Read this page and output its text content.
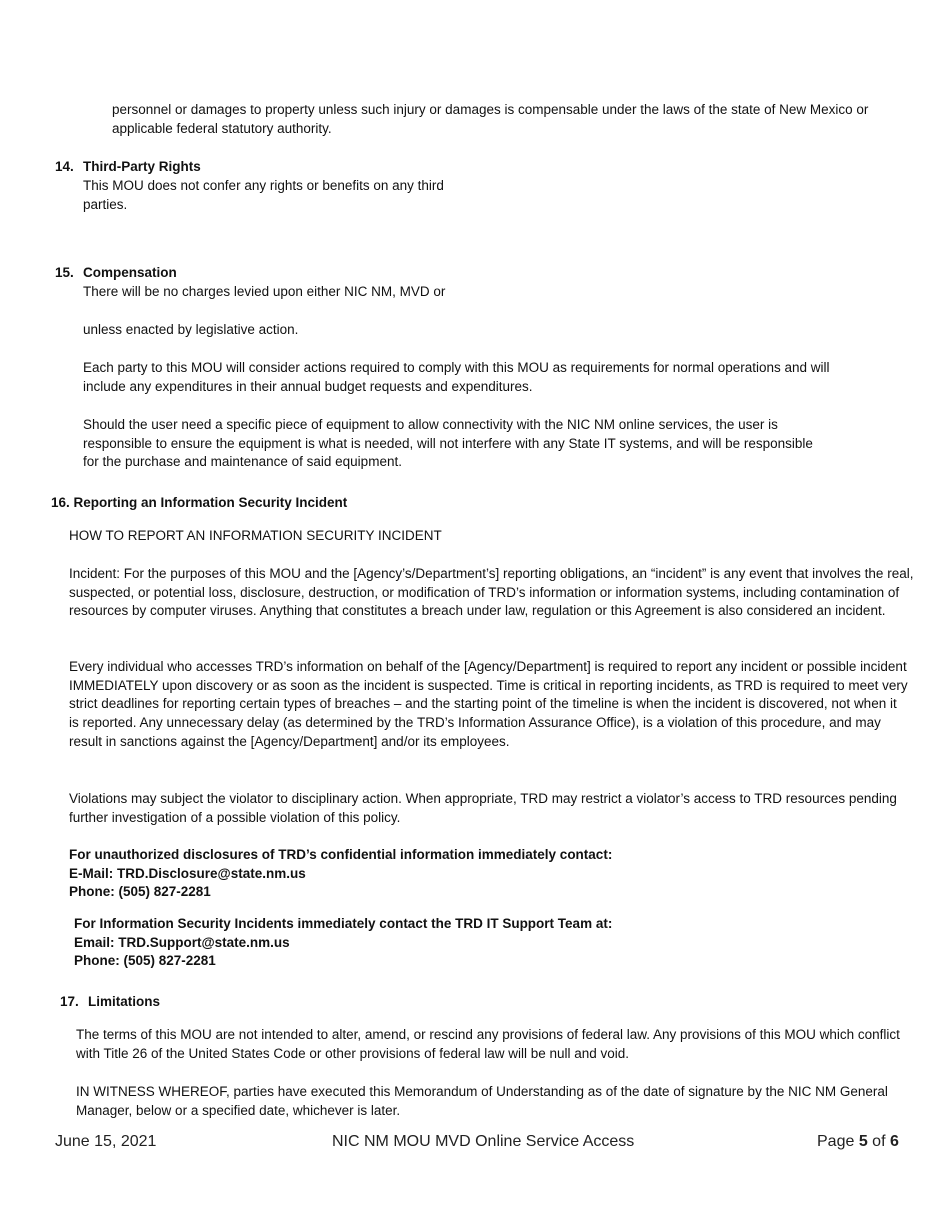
personnel or damages to property unless such injury or damages is compensable under the laws of the state of New Mexico or applicable federal statutory authority.

14. Third-Party Rights

This MOU does not confer any rights or benefits on any third parties.

15. Compensation

There will be no charges levied upon either NIC NM, MVD or

unless enacted by legislative action.

Each party to this MOU will consider actions required to comply with this MOU as requirements for normal operations and will include any expenditures in their annual budget requests and expenditures.

Should the user need a specific piece of equipment to allow connectivity with the NIC NM online services, the user is responsible to ensure the equipment is what is needed, will not interfere with any State IT systems, and will be responsible for the purchase and maintenance of said equipment.

16. Reporting an Information Security Incident

HOW TO REPORT AN INFORMATION SECURITY INCIDENT

Incident: For the purposes of this MOU and the [Agency’s/Department’s] reporting obligations, an “incident” is any event that involves the real, suspected, or potential loss, disclosure, destruction, or modification of TRD’s information or information systems, including contamination of resources by computer viruses. Anything that constitutes a breach under law, regulation or this Agreement is also considered an incident.

Every individual who accesses TRD’s information on behalf of the [Agency/Department] is required to report any incident or possible incident IMMEDIATELY upon discovery or as soon as the incident is suspected. Time is critical in reporting incidents, as TRD is required to meet very strict deadlines for reporting certain types of breaches – and the starting point of the timeline is when the incident is discovered, not when it is reported. Any unnecessary delay (as determined by the TRD’s Information Assurance Office), is a violation of this procedure, and may result in sanctions against the [Agency/Department] and/or its employees.

Violations may subject the violator to disciplinary action. When appropriate, TRD may restrict a violator’s access to TRD resources pending further investigation of a possible violation of this policy.

For unauthorized disclosures of TRD’s confidential information immediately contact:
E-Mail: TRD.Disclosure@state.nm.us
Phone: (505) 827-2281
For Information Security Incidents immediately contact the TRD IT Support Team at:
Email: TRD.Support@state.nm.us
Phone: (505) 827-2281
17. Limitations

The terms of this MOU are not intended to alter, amend, or rescind any provisions of federal law. Any provisions of this MOU which conflict with Title 26 of the United States Code or other provisions of federal law will be null and void.

IN WITNESS WHEREOF, parties have executed this Memorandum of Understanding as of the date of signature by the NIC NM General Manager, below or a specified date, whichever is later.

June 15, 2021	NIC NM MOU MVD Online Service Access	Page 5 of 6
